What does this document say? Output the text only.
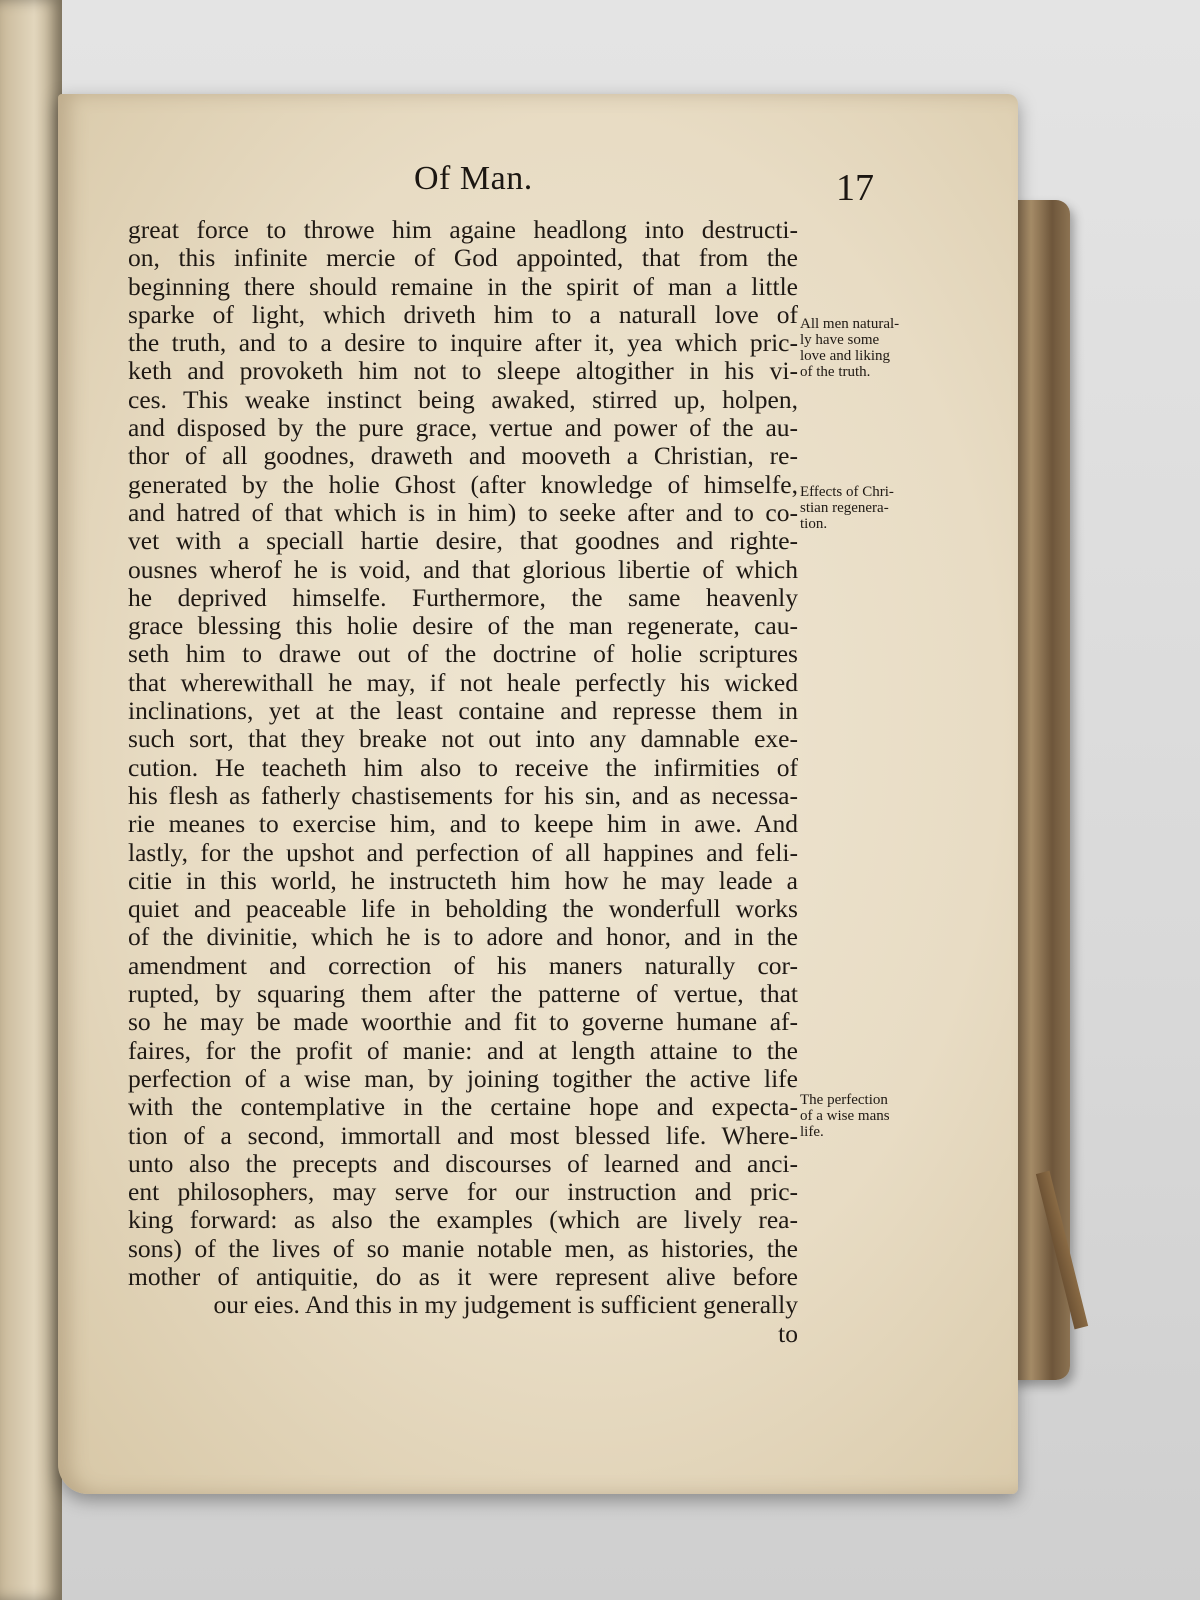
Of Man.	17
great force to throwe him againe headlong into destructi-
on, this infinite mercie of God appointed, that from the
beginning there should remaine in the spirit of man a little
sparke of light, which driveth him to a naturall love of
the truth, and to a desire to inquire after it, yea which pric-
keth and provoketh him not to sleepe altogither in his vi-
ces. This weake instinct being awaked, stirred up, holpen,
and disposed by the pure grace, vertue and power of the au-
thor of all goodnes, draweth and mooveth a Christian, re-
generated by the holie Ghost (after knowledge of himselfe,
and hatred of that which is in him) to seeke after and to co-
vet with a speciall hartie desire, that goodnes and righte-
ousnes wherof he is void, and that glorious libertie of which
he deprived himselfe. Furthermore, the same heavenly
grace blessing this holie desire of the man regenerate, cau-
seth him to drawe out of the doctrine of holie scriptures
that wherewithall he may, if not heale perfectly his wicked
inclinations, yet at the least containe and represse them in
such sort, that they breake not out into any damnable exe-
cution. He teacheth him also to receive the infirmities of
his flesh as fatherly chastisements for his sin, and as necessa-
rie meanes to exercise him, and to keepe him in awe. And
lastly, for the upshot and perfection of all happines and feli-
citie in this world, he instructeth him how he may leade a
quiet and peaceable life in beholding the wonderfull works
of the divinitie, which he is to adore and honor, and in the
amendment and correction of his maners naturally cor-
rupted, by squaring them after the patterne of vertue, that
so he may be made woorthie and fit to governe humane af-
faires, for the profit of manie: and at length attaine to the
perfection of a wise man, by joining togither the active life
with the contemplative in the certaine hope and expecta-
tion of a second, immortall and most blessed life. Where-
unto also the precepts and discourses of learned and anci-
ent philosophers, may serve for our instruction and pric-
king forward: as also the examples (which are lively rea-
sons) of the lives of so manie notable men, as histories, the
mother of antiquitie, do as it were represent alive before
our eies. And this in my judgement is sufficient generally
to
All men natural-
ly have some
love and liking
of the truth.
Effects of Chri-
stian regenera-
tion.
The perfection
of a wise mans
life.
